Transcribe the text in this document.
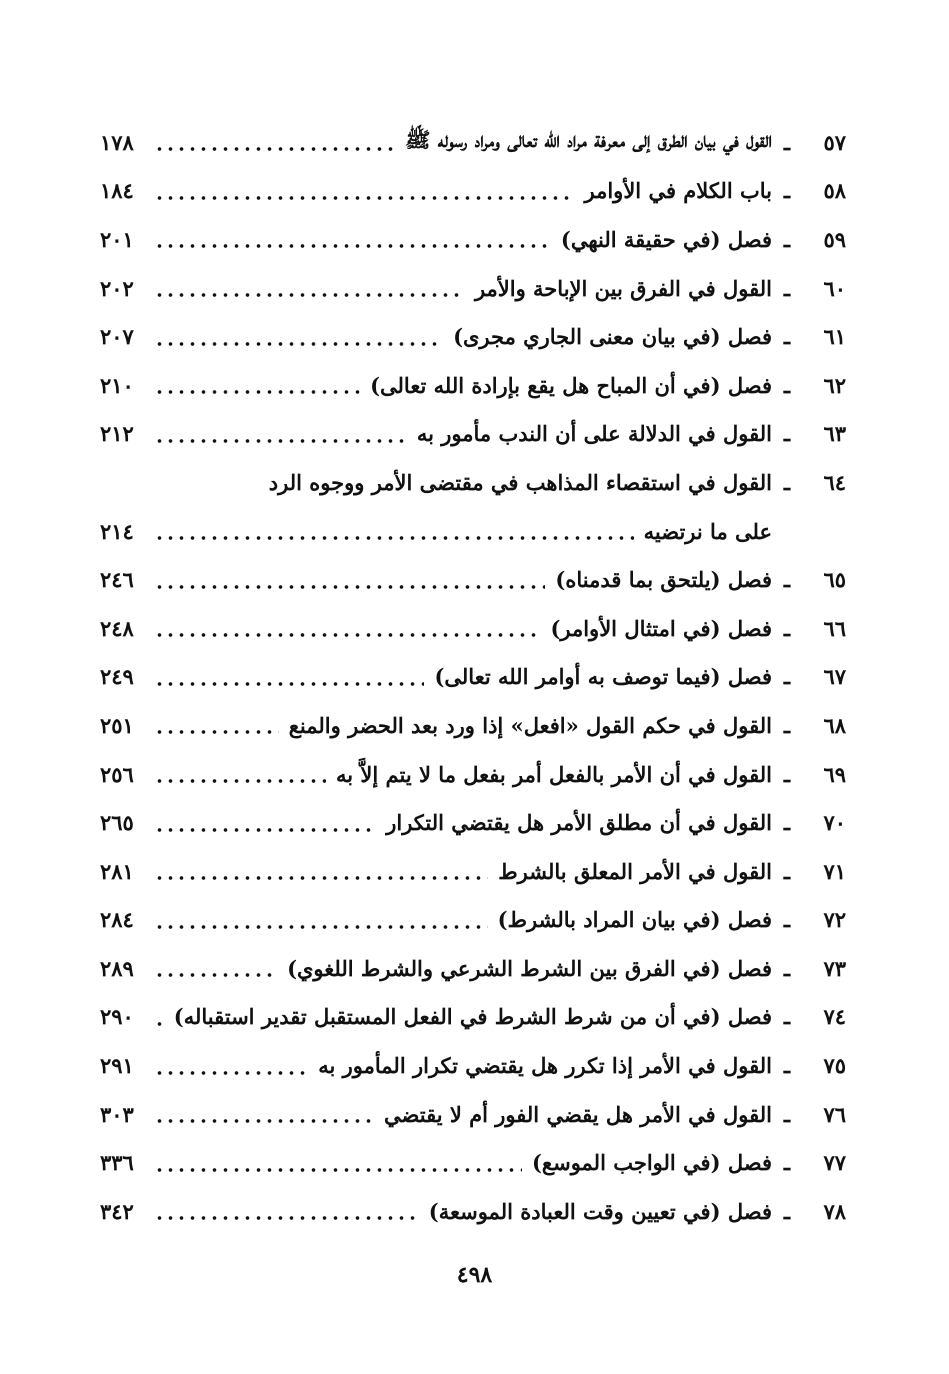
٥٧
ـ
القول في بيان الطرق إلى معرفة مراد الله تعالى ومراد رسوله ﷺ
١٧٨
٥٨
ـ
باب الكلام في الأوامر
١٨٤
٥٩
ـ
فصل (في حقيقة النهي)
٢٠١
٦٠
ـ
القول في الفرق بين الإباحة والأمر
٢٠٢
٦١
ـ
فصل (في بيان معنى الجاري مجرى)
٢٠٧
٦٢
ـ
فصل (في أن المباح هل يقع بإرادة الله تعالى)
٢١٠
٦٣
ـ
القول في الدلالة على أن الندب مأمور به
٢١٢
٦٤
ـ
القول في استقصاء المذاهب في مقتضى الأمر ووجوه الرد
على ما نرتضيه
٢١٤
٦٥
ـ
فصل (يلتحق بما قدمناه)
٢٤٦
٦٦
ـ
فصل (في امتثال الأوامر)
٢٤٨
٦٧
ـ
فصل (فيما توصف به أوامر الله تعالى)
٢٤٩
٦٨
ـ
القول في حكم القول «افعل» إذا ورد بعد الحضر والمنع
٢٥١
٦٩
ـ
القول في أن الأمر بالفعل أمر بفعل ما لا يتم إلاَّ به
٢٥٦
٧٠
ـ
القول في أن مطلق الأمر هل يقتضي التكرار
٢٦٥
٧١
ـ
القول في الأمر المعلق بالشرط
٢٨١
٧٢
ـ
فصل (في بيان المراد بالشرط)
٢٨٤
٧٣
ـ
فصل (في الفرق بين الشرط الشرعي والشرط اللغوي)
٢٨٩
٧٤
ـ
فصل (في أن من شرط الشرط في الفعل المستقبل تقدير استقباله)
٢٩٠
٧٥
ـ
القول في الأمر إذا تكرر هل يقتضي تكرار المأمور به
٢٩١
٧٦
ـ
القول في الأمر هل يقضي الفور أم لا يقتضي
٣٠٣
٧٧
ـ
فصل (في الواجب الموسع)
٣٣٦
٧٨
ـ
فصل (في تعيين وقت العبادة الموسعة)
٣٤٢
٤٩٨
